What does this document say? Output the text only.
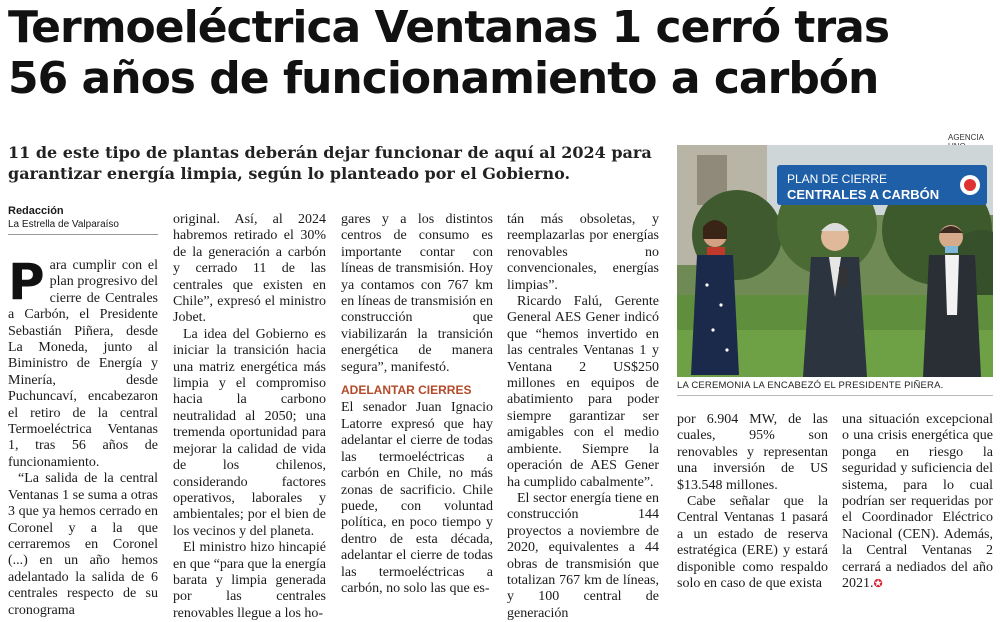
Termoeléctrica Ventanas 1 cerró tras
56 años de funcionamiento a carbón

11 de este tipo de plantas deberán dejar funcionar de aquí al 2024 para garantizar energía limpia, según lo planteado por el Gobierno.

Redacción
La Estrella de Valparaíso

Para cumplir con el plan progresivo del cierre de Centrales a Carbón, el Presidente Sebastián Piñera, desde La Moneda, junto al Biministro de Energía y Minería, desde Puchuncaví, encabezaron el retiro de la central Termoeléctrica Ventanas 1, tras 56 años de funcionamiento.

“La salida de la central Ventanas 1 se suma a otras 3 que ya hemos cerrado en Coronel y a la que cerraremos en Coronel (...) en un año hemos adelantado la salida de 6 centrales respecto de su cronograma

original. Así, al 2024 habremos retirado el 30% de la generación a carbón y cerrado 11 de las centrales que existen en Chile”, expresó el ministro Jobet.

La idea del Gobierno es iniciar la transición hacia una matriz energética más limpia y el compromiso hacia la carbono neutralidad al 2050; una tremenda oportunidad para mejorar la calidad de vida de los chilenos, considerando factores operativos, laborales y ambientales; por el bien de los vecinos y del planeta.

El ministro hizo hincapié en que “para que la energía barata y limpia generada por las centrales renovables llegue a los ho-

gares y a los distintos centros de consumo es importante contar con líneas de transmisión. Hoy ya contamos con 767 km en líneas de transmisión en construcción que viabilizarán la transición energética de manera segura”, manifestó.

ADELANTAR CIERRES

El senador Juan Ignacio Latorre expresó que hay adelantar el cierre de todas las termoeléctricas a carbón en Chile, no más zonas de sacrificio. Chile puede, con voluntad política, en poco tiempo y dentro de esta década, adelantar el cierre de todas las termoeléctricas a carbón, no solo las que es-

tán más obsoletas, y reemplazarlas por energías renovables no convencionales, energías limpias”.

Ricardo Falú, Gerente General AES Gener indicó que “hemos invertido en las centrales Ventanas 1 y Ventana 2 US$250 millones en equipos de abatimiento para poder siempre garantizar ser amigables con el medio ambiente. Siempre la operación de AES Gener ha cumplido cabalmente”.

El sector energía tiene en construcción 144 proyectos a noviembre de 2020, equivalentes a 44 obras de transmisión que totalizan 767 km de líneas, y 100 central de generación

AGENCIA
PLAN DE CIERRE
CENTRALES A CARBÓN
LA CEREMONIA LA ENCABEZÓ EL PRESIDENTE PIÑERA.

por 6.904 MW, de las cuales, 95% son renovables y representan una inversión de US $13.548 millones.

Cabe señalar que la Central Ventanas 1 pasará a un estado de reserva estratégica (ERE) y estará disponible como respaldo solo en caso de que exista

una situación excepcional o una crisis energética que ponga en riesgo la seguridad y suficiencia del sistema, para lo cual podrían ser requeridas por el Coordinador Eléctrico Nacional (CEN). Además, la Central Ventanas 2 cerrará a nediados del año 2021.✪
